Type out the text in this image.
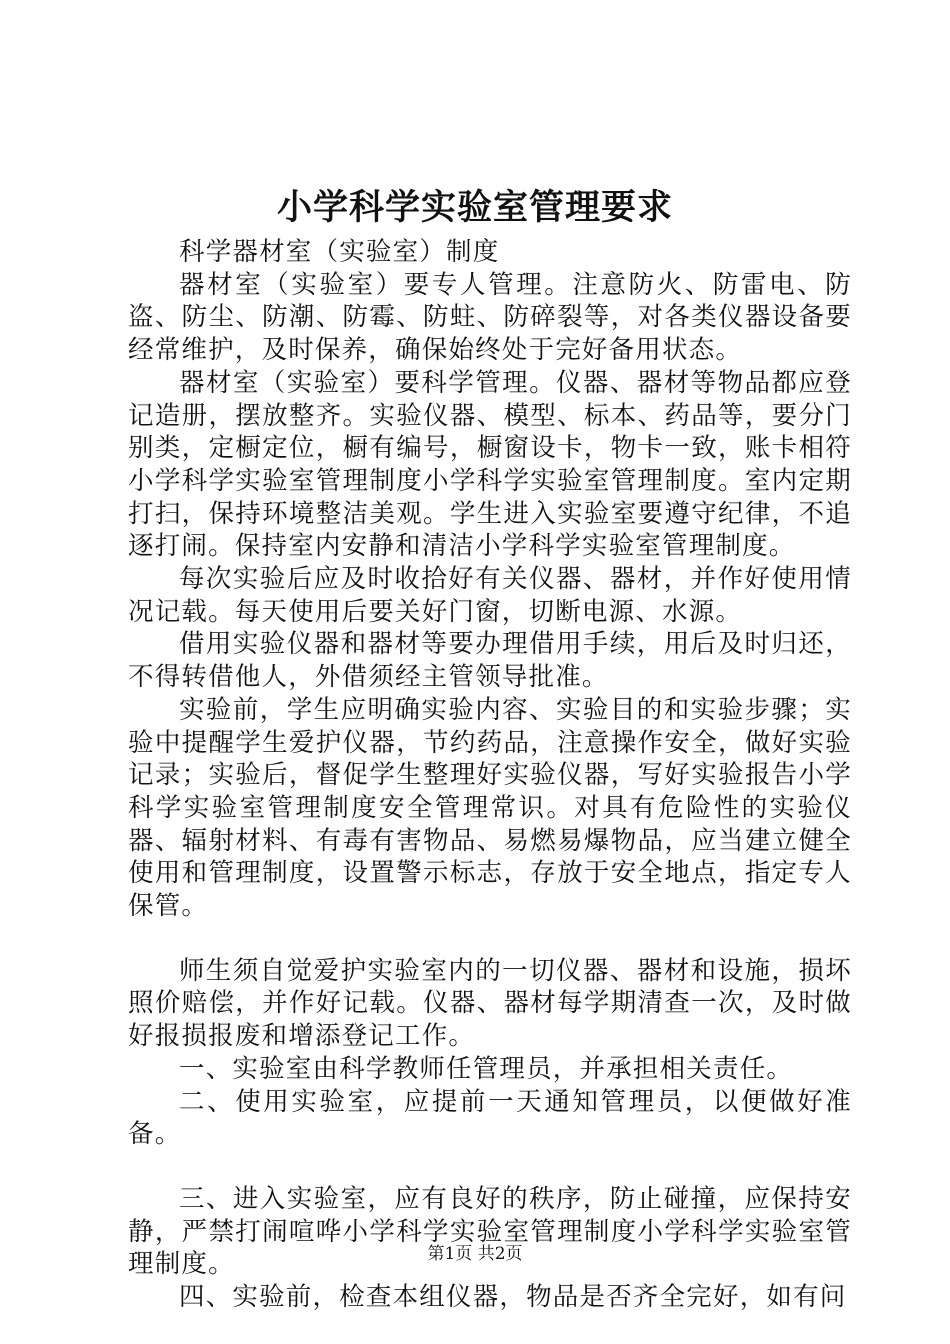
小学科学实验室管理要求

科学器材室（实验室）制度

器材室（实验室）要专人管理。注意防火、防雷电、防盗、防尘、防潮、防霉、防蛀、防碎裂等，对各类仪器设备要经常维护，及时保养，确保始终处于完好备用状态。

器材室（实验室）要科学管理。仪器、器材等物品都应登记造册，摆放整齐。实验仪器、模型、标本、药品等，要分门别类，定橱定位，橱有编号，橱窗设卡，物卡一致，账卡相符小学科学实验室管理制度小学科学实验室管理制度。室内定期打扫，保持环境整洁美观。学生进入实验室要遵守纪律，不追逐打闹。保持室内安静和清洁小学科学实验室管理制度。

每次实验后应及时收拾好有关仪器、器材，并作好使用情况记载。每天使用后要关好门窗，切断电源、水源。

借用实验仪器和器材等要办理借用手续，用后及时归还，不得转借他人，外借须经主管领导批准。

实验前，学生应明确实验内容、实验目的和实验步骤；实验中提醒学生爱护仪器，节约药品，注意操作安全，做好实验记录；实验后，督促学生整理好实验仪器，写好实验报告小学科学实验室管理制度安全管理常识。对具有危险性的实验仪器、辐射材料、有毒有害物品、易燃易爆物品，应当建立健全使用和管理制度，设置警示标志，存放于安全地点，指定专人保管。

师生须自觉爱护实验室内的一切仪器、器材和设施，损坏照价赔偿，并作好记载。仪器、器材每学期清查一次，及时做好报损报废和增添登记工作。

一、实验室由科学教师任管理员，并承担相关责任。

二、使用实验室，应提前一天通知管理员，以便做好准备。

三、进入实验室，应有良好的秩序，防止碰撞，应保持安静，严禁打闹喧哗小学科学实验室管理制度小学科学实验室管理制度。

四、实验前，检查本组仪器，物品是否齐全完好，如有问

第1页 共2页
